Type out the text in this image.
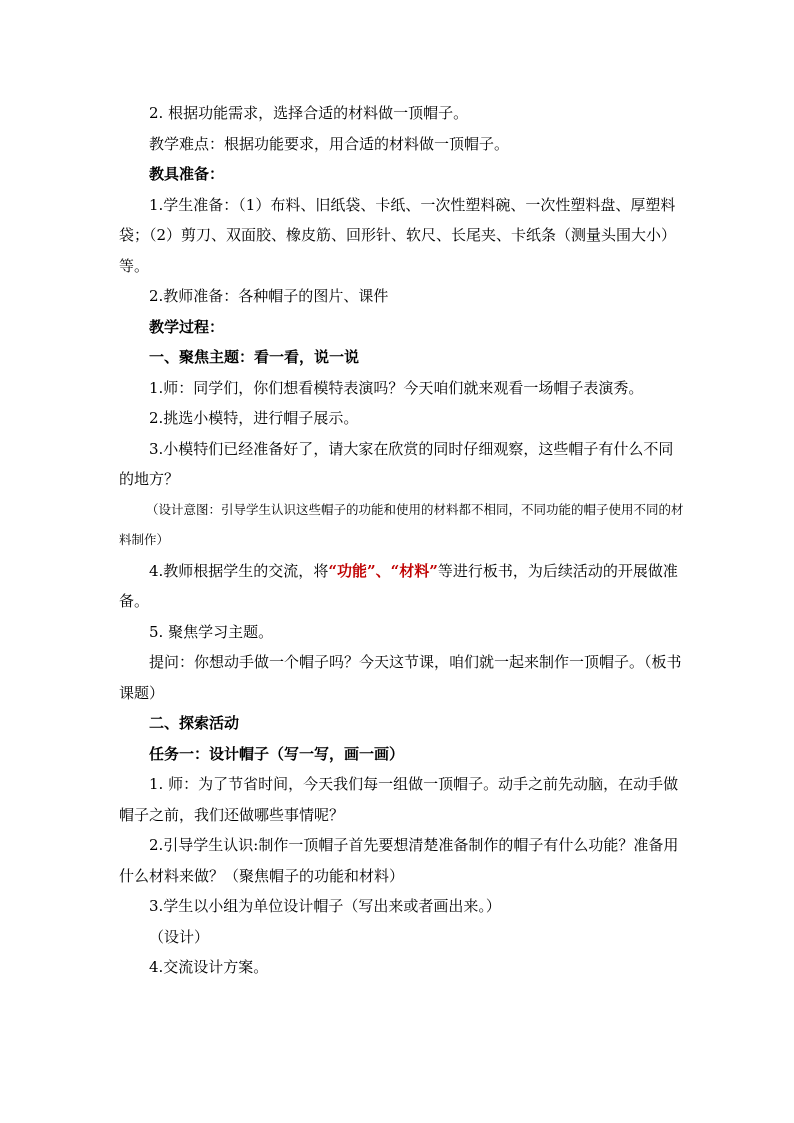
2. 根据功能需求，选择合适的材料做一顶帽子。

教学难点：根据功能要求，用合适的材料做一顶帽子。

教具准备：

1.学生准备：（1）布料、旧纸袋、卡纸、一次性塑料碗、一次性塑料盘、厚塑料袋；（2）剪刀、双面胶、橡皮筋、回形针、软尺、长尾夹、卡纸条（测量头围大小）等。

2.教师准备：各种帽子的图片、课件

教学过程：

一、聚焦主题：看一看，说一说

1.师：同学们，你们想看模特表演吗？今天咱们就来观看一场帽子表演秀。

2.挑选小模特，进行帽子展示。

3.小模特们已经准备好了，请大家在欣赏的同时仔细观察，这些帽子有什么不同的地方？

（设计意图：引导学生认识这些帽子的功能和使用的材料都不相同，不同功能的帽子使用不同的材料制作）

4.教师根据学生的交流，将“功能”、“材料”等进行板书，为后续活动的开展做准备。

5. 聚焦学习主题。

提问：你想动手做一个帽子吗？今天这节课，咱们就一起来制作一顶帽子。（板书课题）

二、探索活动

任务一：设计帽子（写一写，画一画）

1. 师：为了节省时间，今天我们每一组做一顶帽子。动手之前先动脑，在动手做帽子之前，我们还做哪些事情呢？

2.引导学生认识:制作一顶帽子首先要想清楚准备制作的帽子有什么功能？准备用什么材料来做？（聚焦帽子的功能和材料）

3.学生以小组为单位设计帽子（写出来或者画出来。）

（设计）

4.交流设计方案。
